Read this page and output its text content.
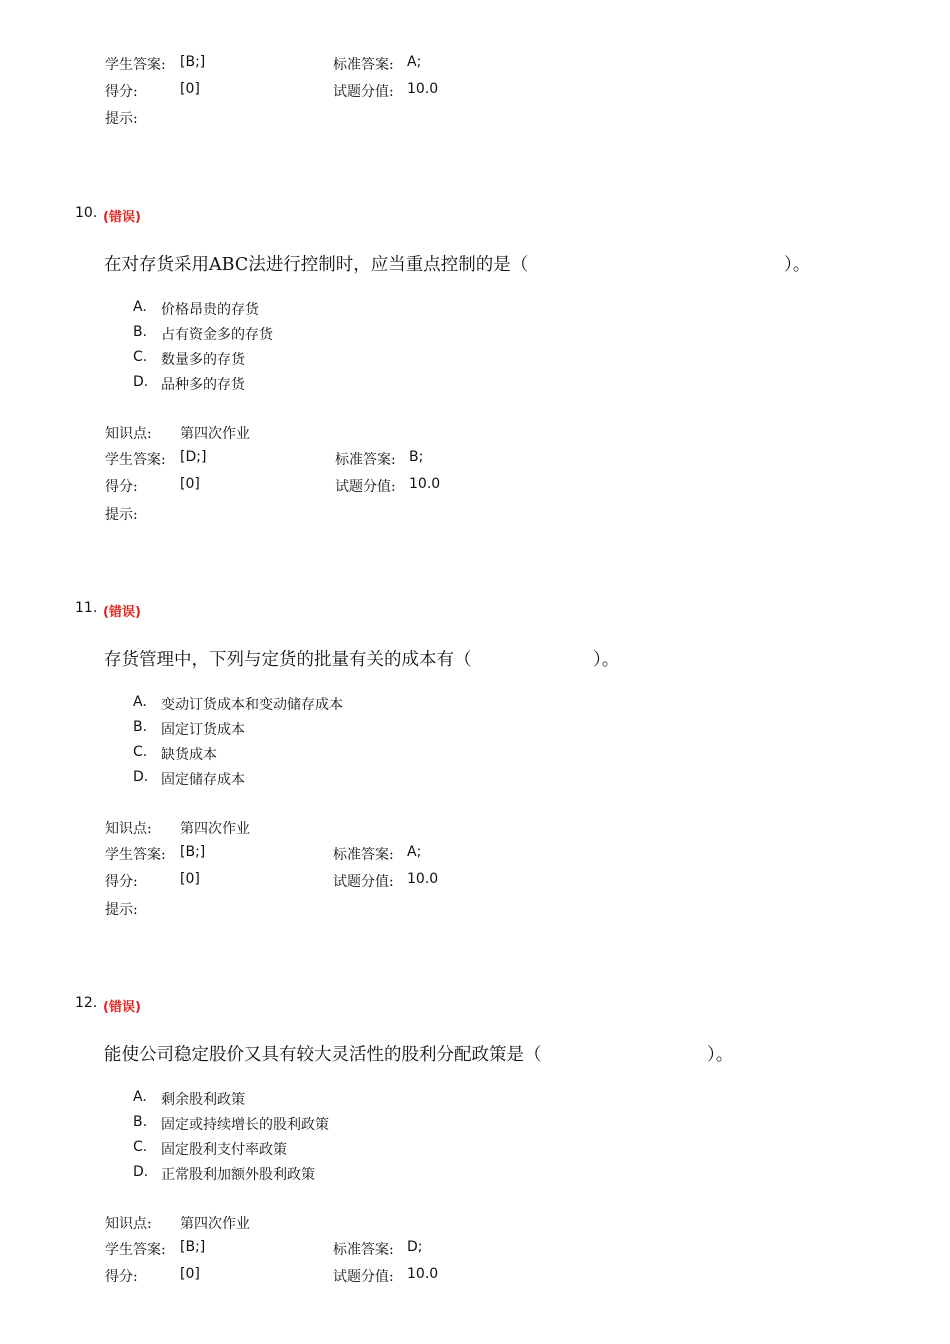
学生答案: [B;]	标准答案: A;
得分:	[0]	试题分值: 10.0
提示:
10. (错误)
在对存货采用ABC法进行控制时，应当重点控制的是（	）。
A. 价格昂贵的存货
B. 占有资金多的存货
C. 数量多的存货
D. 品种多的存货
知识点: 第四次作业
学生答案: [D;]	标准答案: B;
得分:	[0]	试题分值: 10.0
提示:
11. (错误)
存货管理中，下列与定货的批量有关的成本有（	）。
A. 变动订货成本和变动储存成本
B. 固定订货成本
C. 缺货成本
D. 固定储存成本
知识点: 第四次作业
学生答案: [B;]	标准答案: A;
得分:	[0]	试题分值: 10.0
提示:
12. (错误)
能使公司稳定股价又具有较大灵活性的股利分配政策是（	）。
A. 剩余股利政策
B. 固定或持续增长的股利政策
C. 固定股利支付率政策
D. 正常股利加额外股利政策
知识点: 第四次作业
学生答案: [B;]	标准答案: D;
得分:	[0]	试题分值: 10.0
